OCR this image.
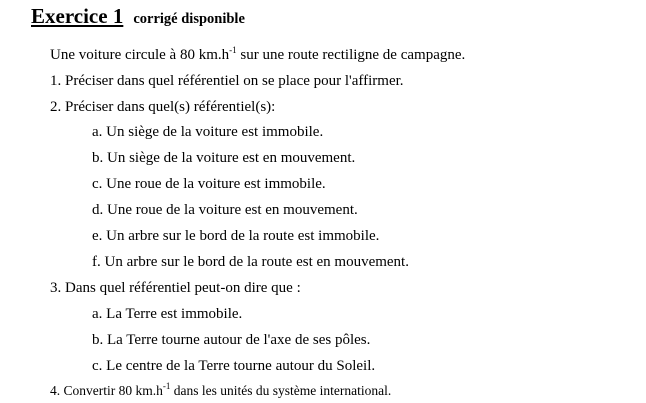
Exercice 1 corrigé disponible
Une voiture circule à 80 $km.h^{-1}$ sur une route rectiligne de campagne.
1. Préciser dans quel référentiel on se place pour l'affirmer.
2. Préciser dans quel(s) référentiel(s):
a. Un siège de la voiture est immobile.
b. Un siège de la voiture est en mouvement.
c. Une roue de la voiture est immobile.
d. Une roue de la voiture est en mouvement.
e. Un arbre sur le bord de la route est immobile.
f. Un arbre sur le bord de la route est en mouvement.
3. Dans quel référentiel peut-on dire que :
a. La Terre est immobile.
b. La Terre tourne autour de l'axe de ses pôles.
c. Le centre de la Terre tourne autour du Soleil.
4. Convertir 80 $km.h^{-1}$ dans les unités du système international.
